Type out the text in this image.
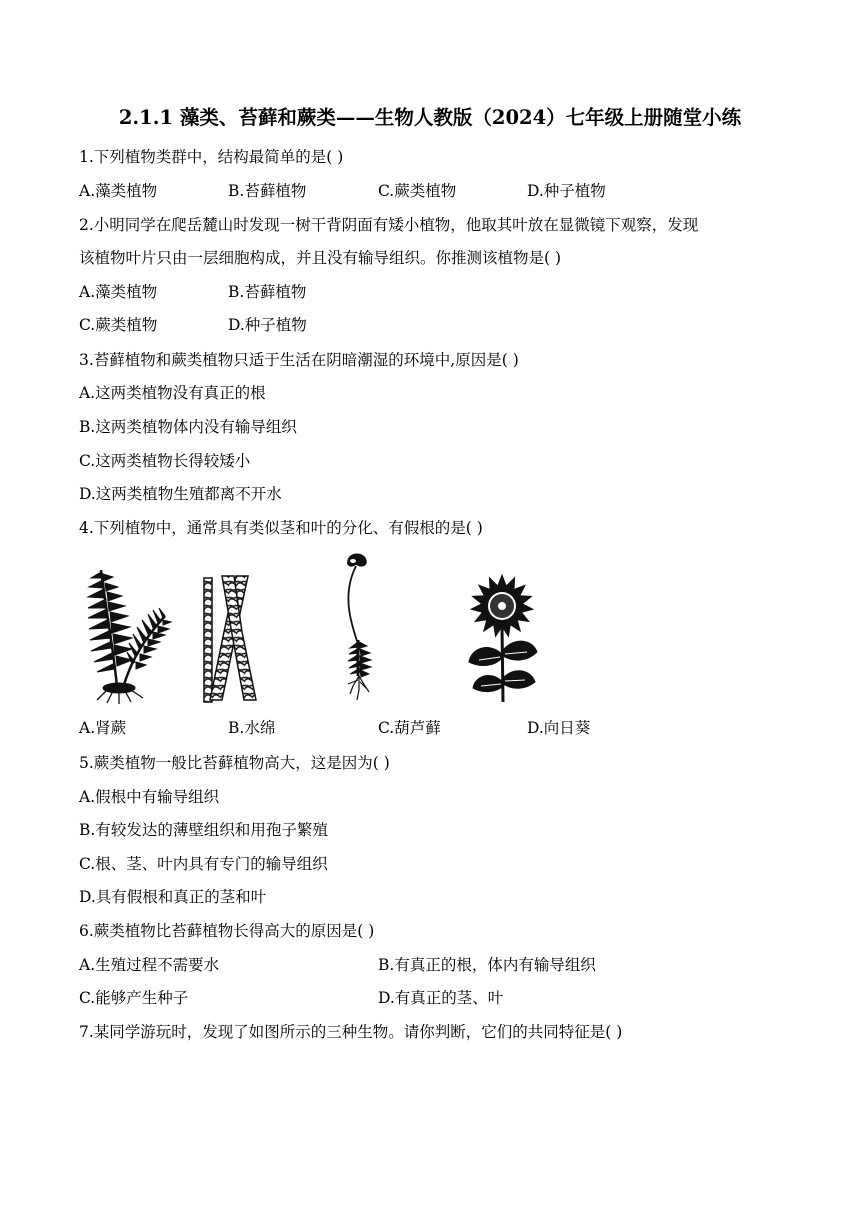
2.1.1 藻类、苔藓和蕨类——生物人教版（2024）七年级上册随堂小练
1.下列植物类群中，结构最简单的是( )
A.藻类植物	B.苔藓植物	C.蕨类植物	D.种子植物
2.小明同学在爬岳麓山时发现一树干背阴面有矮小植物，他取其叶放在显微镜下观察，发现
该植物叶片只由一层细胞构成，并且没有输导组织。你推测该植物是( )
A.藻类植物	B.苔藓植物
C.蕨类植物	D.种子植物
3.苔藓植物和蕨类植物只适于生活在阴暗潮湿的环境中,原因是( )
A.这两类植物没有真正的根
B.这两类植物体内没有输导组织
C.这两类植物长得较矮小
D.这两类植物生殖都离不开水
4.下列植物中，通常具有类似茎和叶的分化、有假根的是( )
A.肾蕨	B.水绵	C.葫芦藓	D.向日葵
5.蕨类植物一般比苔藓植物高大，这是因为( )
A.假根中有输导组织
B.有较发达的薄壁组织和用孢子繁殖
C.根、茎、叶内具有专门的输导组织
D.具有假根和真正的茎和叶
6.蕨类植物比苔藓植物长得高大的原因是( )
A.生殖过程不需要水	B.有真正的根，体内有输导组织
C.能够产生种子	D.有真正的茎、叶
7.某同学游玩时，发现了如图所示的三种生物。请你判断，它们的共同特征是( )
